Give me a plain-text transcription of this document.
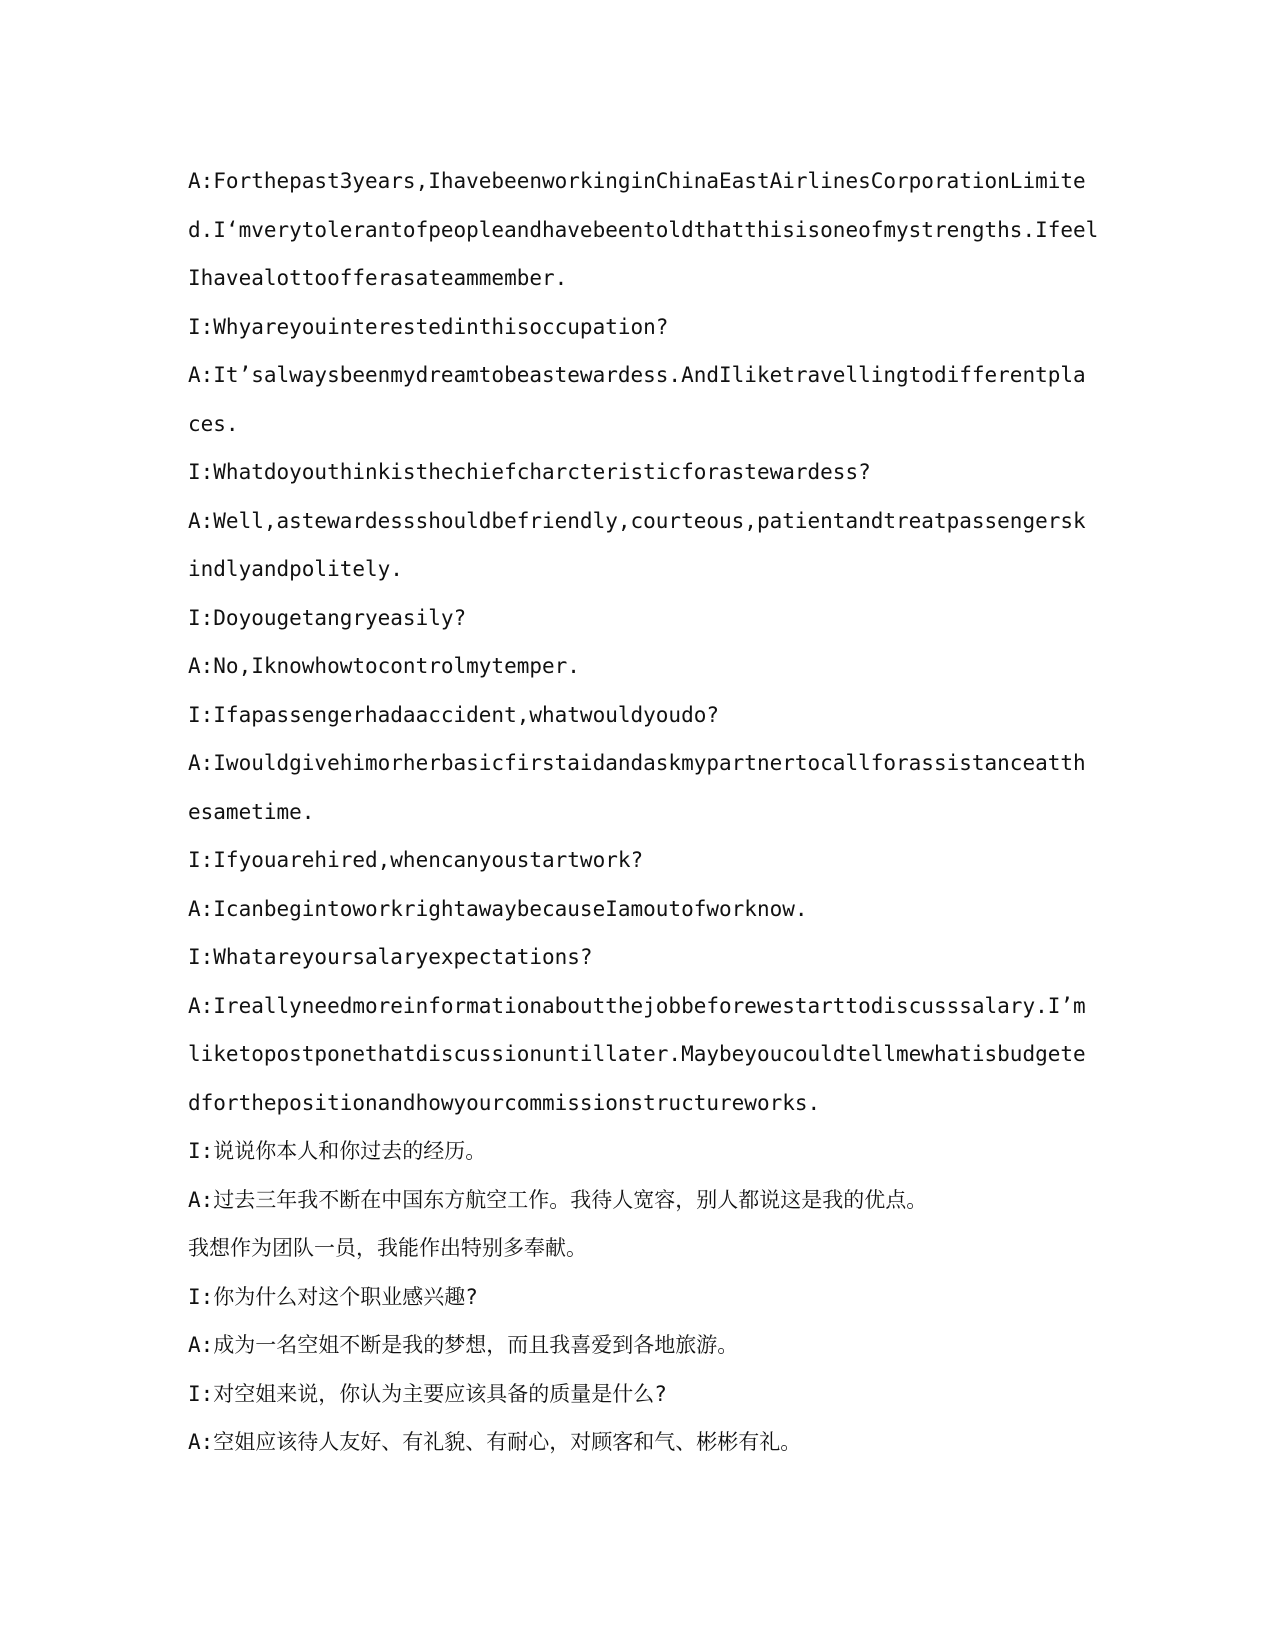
A:Forthepast3years,IhavebeenworkinginChinaEastAirlinesCorporationLimite
d.I‘mverytolerantofpeopleandhavebeentoldthatthisisoneofmystrengths.Ifeel
Ihavealottoofferasateammember.
I:Whyareyouinterestedinthisoccupation?
A:It’salwaysbeenmydreamtobeastewardess.AndIliketravellingtodifferentpla
ces.
I:Whatdoyouthinkisthechiefcharcteristicforastewardess?
A:Well,astewardessshouldbefriendly,courteous,patientandtreatpassengersk
indlyandpolitely.
I:Doyougetangryeasily?
A:No,Iknowhowtocontrolmytemper.
I:Ifapassengerhadaaccident,whatwouldyoudo?
A:Iwouldgivehimorherbasicfirstaidandaskmypartnertocallforassistanceatth
esametime.
I:Ifyouarehired,whencanyoustartwork?
A:IcanbegintoworkrightawaybecauseIamoutofworknow.
I:Whatareyoursalaryexpectations?
A:Ireallyneedmoreinformationaboutthejobbeforewestarttodiscusssalary.I’m
liketopostponethatdiscussionuntillater.Maybeyoucouldtellmewhatisbudgete
dforthepositionandhowyourcommissionstructureworks.
I:说说你本人和你过去的经历。
A:过去三年我不断在中国东方航空工作。我待人宽容，别人都说这是我的优点。
我想作为团队一员，我能作出特别多奉献。
I:你为什么对这个职业感兴趣?
A:成为一名空姐不断是我的梦想，而且我喜爱到各地旅游。
I:对空姐来说，你认为主要应该具备的质量是什么?
A:空姐应该待人友好、有礼貌、有耐心，对顾客和气、彬彬有礼。
